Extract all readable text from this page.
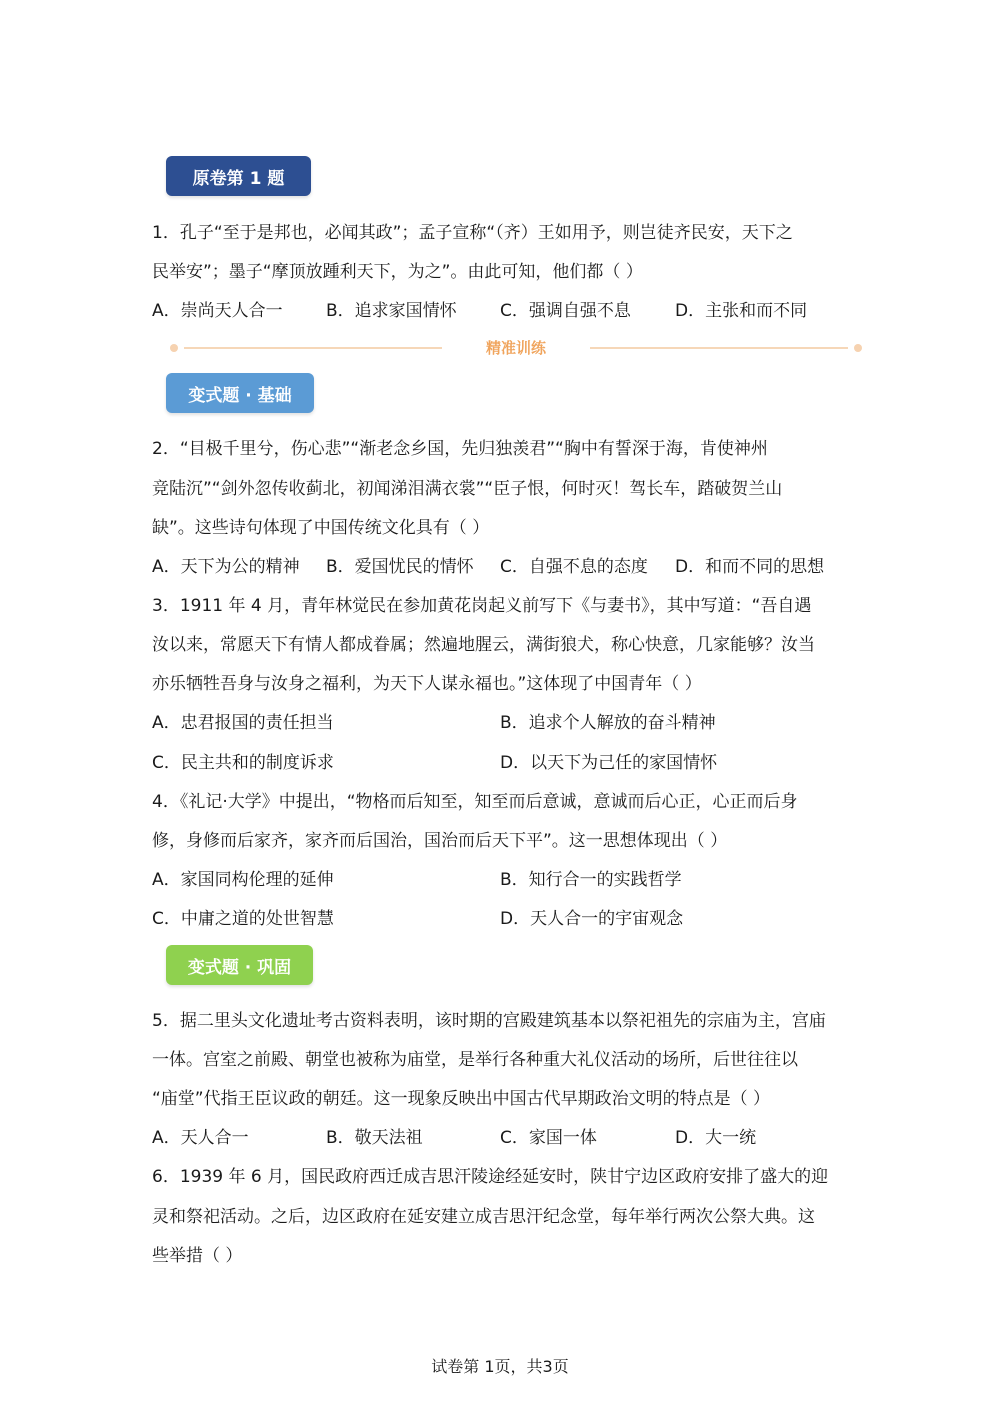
原卷第 1 题
1．孔子“至于是邦也，必闻其政”；孟子宣称“（齐）王如用予，则岂徒齐民安，天下之
民举安”；墨子“摩顶放踵利天下，为之”。由此可知，他们都（ ）
A．崇尚天人合一	B．追求家国情怀	C．强调自强不息	D．主张和而不同
精准训练
变式题 · 基础
2．“目极千里兮，伤心悲”“渐老念乡国，先归独羡君”“胸中有誓深于海，肯使神州
竞陆沉”“剑外忽传收蓟北，初闻涕泪满衣裳”“臣子恨，何时灭！驾长车，踏破贺兰山
缺”。这些诗句体现了中国传统文化具有（ ）
A．天下为公的精神 B．爱国忧民的情怀 C．自强不息的态度 D．和而不同的思想
3．1911 年 4 月，青年林觉民在参加黄花岗起义前写下《与妻书》，其中写道：“吾自遇
汝以来，常愿天下有情人都成眷属；然遍地腥云，满街狼犬，称心快意，几家能够？汝当
亦乐牺牲吾身与汝身之福利，为天下人谋永福也。”这体现了中国青年（ ）
A．忠君报国的责任担当	B．追求个人解放的奋斗精神
C．民主共和的制度诉求	D．以天下为己任的家国情怀
4．《礼记·大学》中提出，“物格而后知至，知至而后意诚，意诚而后心正，心正而后身
修，身修而后家齐，家齐而后国治，国治而后天下平”。这一思想体现出（ ）
A．家国同构伦理的延伸	B．知行合一的实践哲学
C．中庸之道的处世智慧	D．天人合一的宇宙观念
变式题 · 巩固
5．据二里头文化遗址考古资料表明，该时期的宫殿建筑基本以祭祀祖先的宗庙为主，宫庙
一体。宫室之前殿、朝堂也被称为庙堂，是举行各种重大礼仪活动的场所，后世往往以
“庙堂”代指王臣议政的朝廷。这一现象反映出中国古代早期政治文明的特点是（ ）
A．天人合一	B．敬天法祖	C．家国一体	D．大一统
6．1939 年 6 月，国民政府西迁成吉思汗陵途经延安时，陕甘宁边区政府安排了盛大的迎
灵和祭祀活动。之后，边区政府在延安建立成吉思汗纪念堂，每年举行两次公祭大典。这
些举措（ ）
试卷第 1页，共3页
